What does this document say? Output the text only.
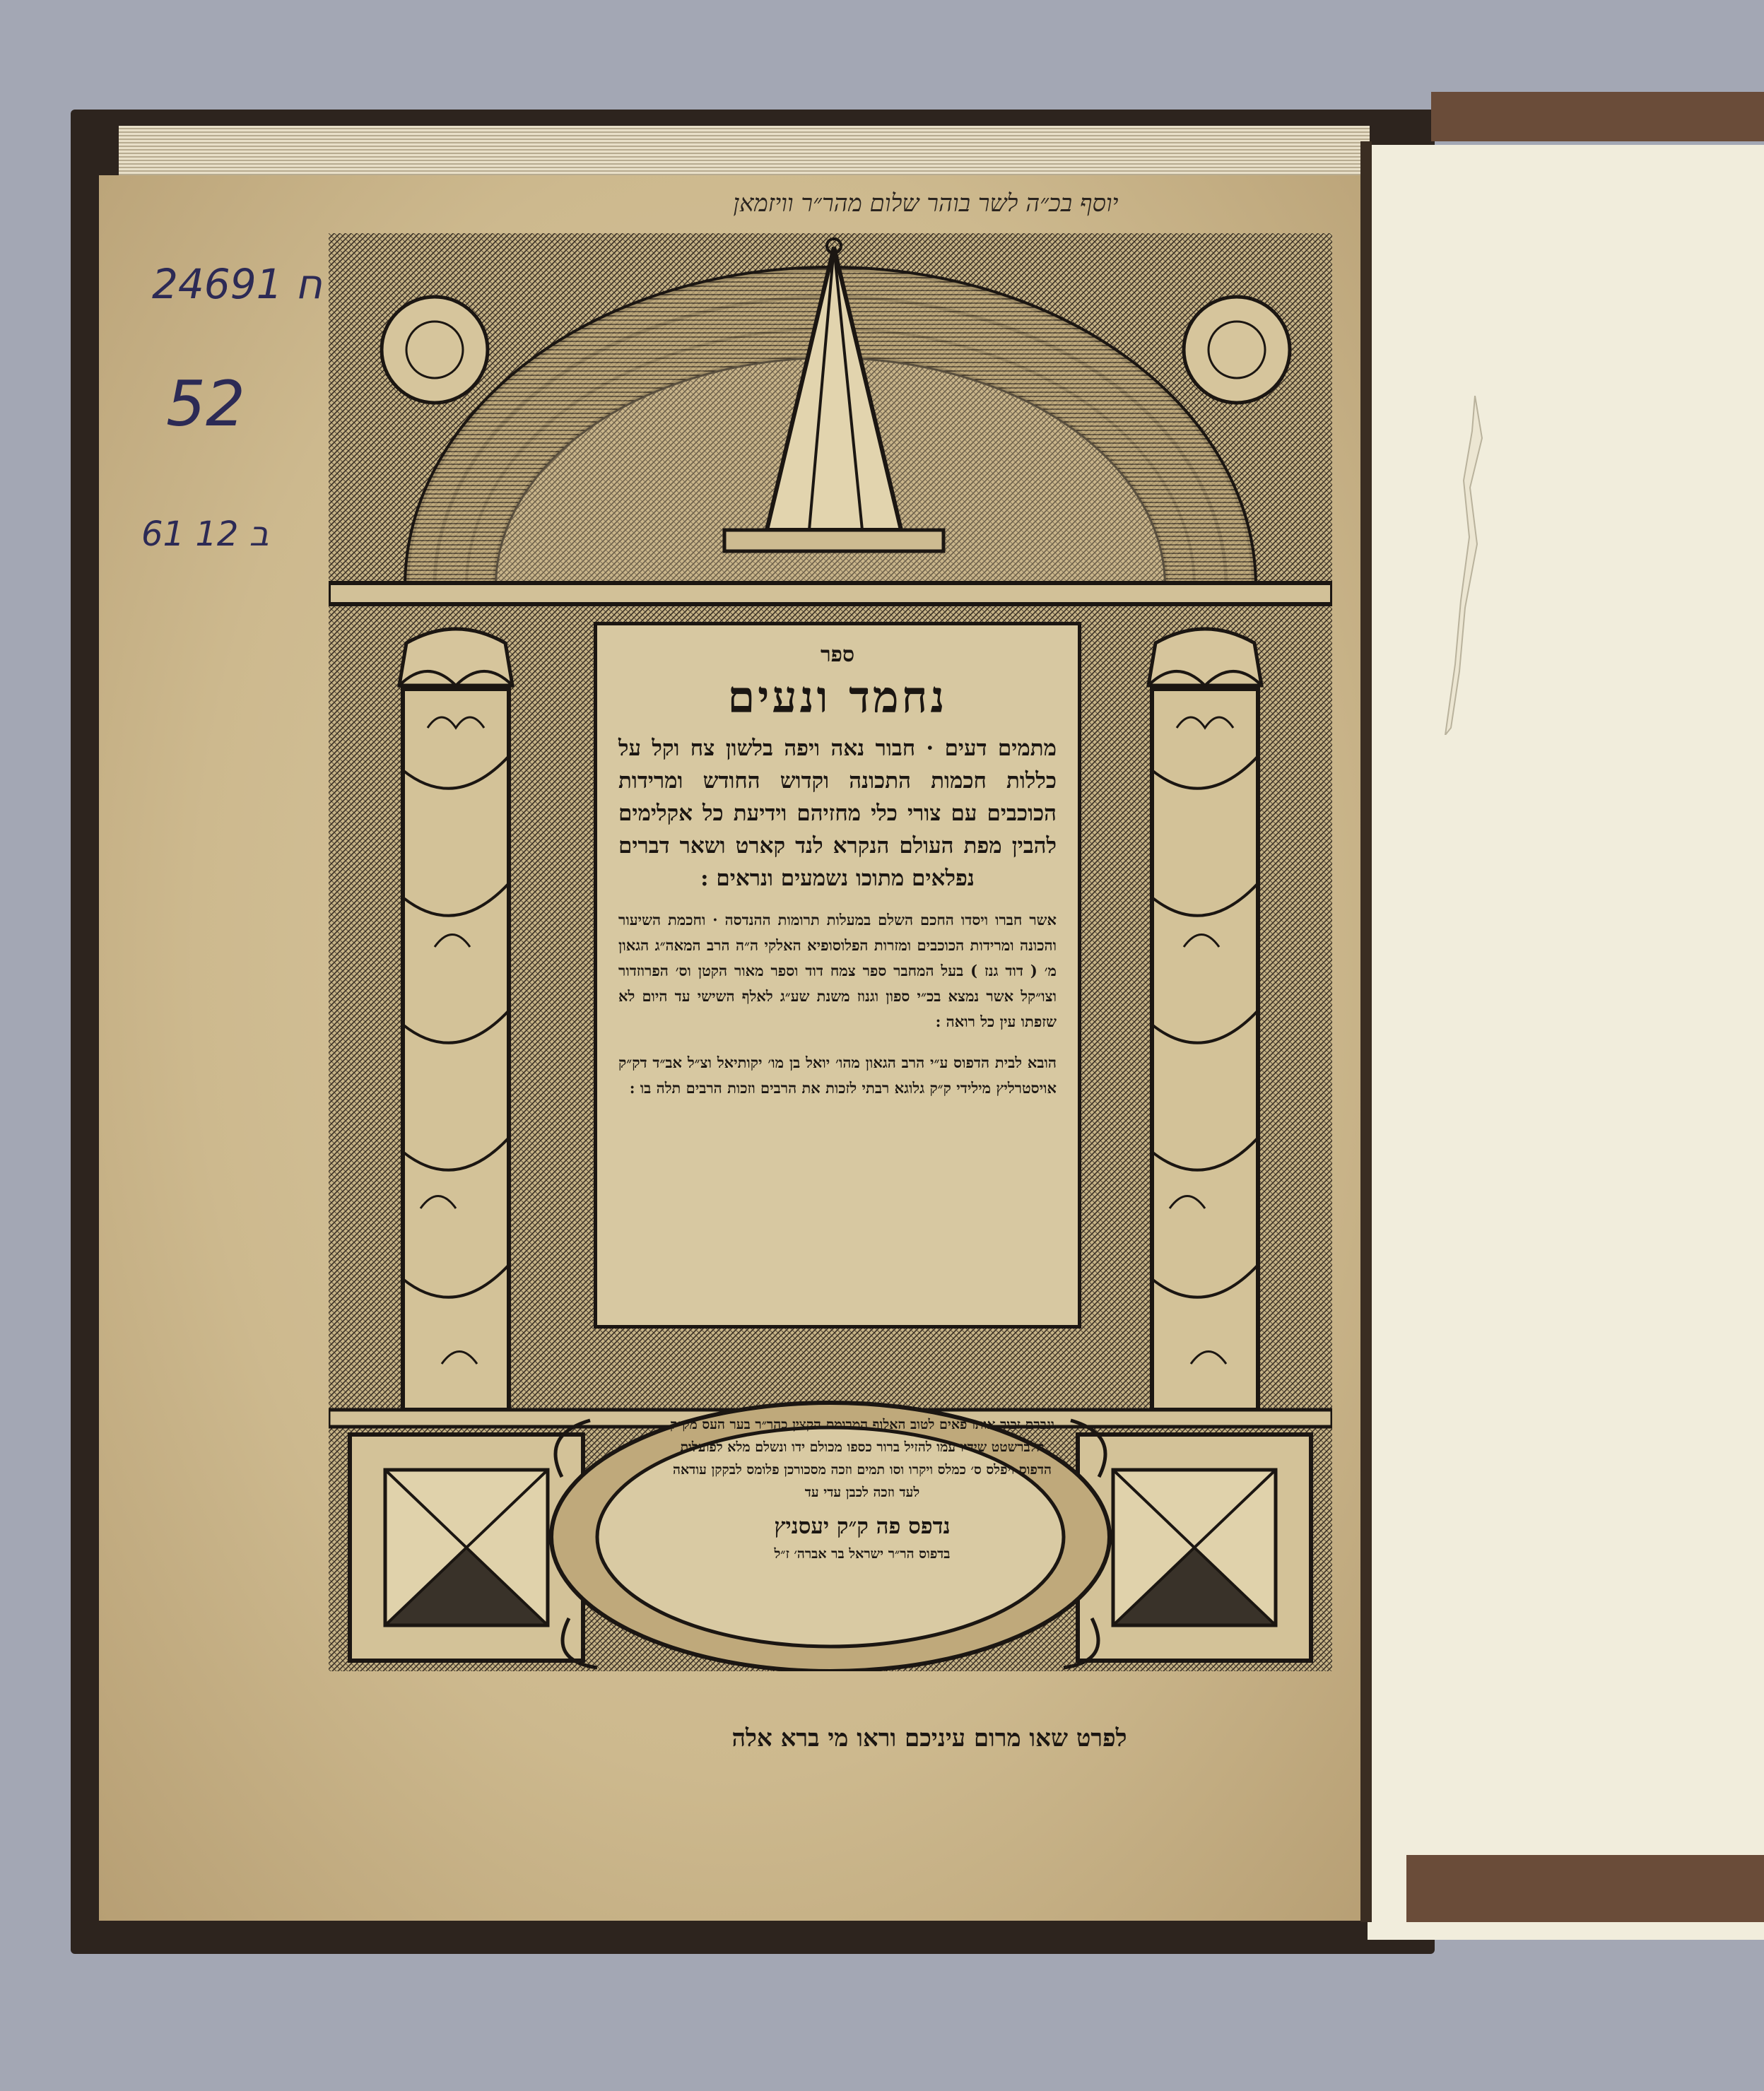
יוסף בכ״ה לשר בוהר שלום מהר״ר וויזמאן
24691 ח
52
61 ב 12
ספר
נחמד ונעים
מתמים דעים · חבור נאה ויפה בלשון צח וקל על כללות חכמות התכונה וקדוש החודש ומרידות הכוכבים עם צורי כלי מחזיהם וידיעת כל אקלימים להבין מפת העולם הנקרא לנד קארט ושאר דברים נפלאים מתוכו נשמעים ונראים :
אשר חברו ויסדו החכם השלם במעלות תרומות ההנדסה · וחכמת השיעור והכונה ומרידות הכוכבים ומזרות הפלוסופיא האלקי ה״ה הרב המאה״ג הגאון מ׳ ( דוד גנז ) בעל המחבר ספר צמח דוד וספר מאור הקטן וס׳ הפרוזדור וצו״קל אשר נמצא בכ״י ספון וגנוז משנת שע״ג לאלף השישי עד היום לא שזפתו עין כל רואה :
הובא לבית הדפוס ע״י הרב הגאון מהו׳ יואל בן מו׳ יקותיאל וצ״ל אב״ד דק״ק אויסטרליץ מילידי ק״ק גלוגא רבתי לזכות את הרבים וזכות הרבים תלה בו :
וגברם זכור אותו פאים לטוב האלוף המרומם הקצין כהר״ר בער העס מק״ק הלברשטט שידיו עמו להזיל ברור כספו מכולם ידו ונשלם מלא לפועלות הדפוס ויפלס ס׳ כמלס ויקרו וסו תמים וזכה מסכורכן פלומס לבקקן עודאה לעד וזכה לכבן עדי עד
נדפס פה ק״ק יעסניץ
בדפוס הר״ר ישראל בר אברה׳ ז״ל
לפרט שאו מרום עיניכם וראו מי ברא אלה
